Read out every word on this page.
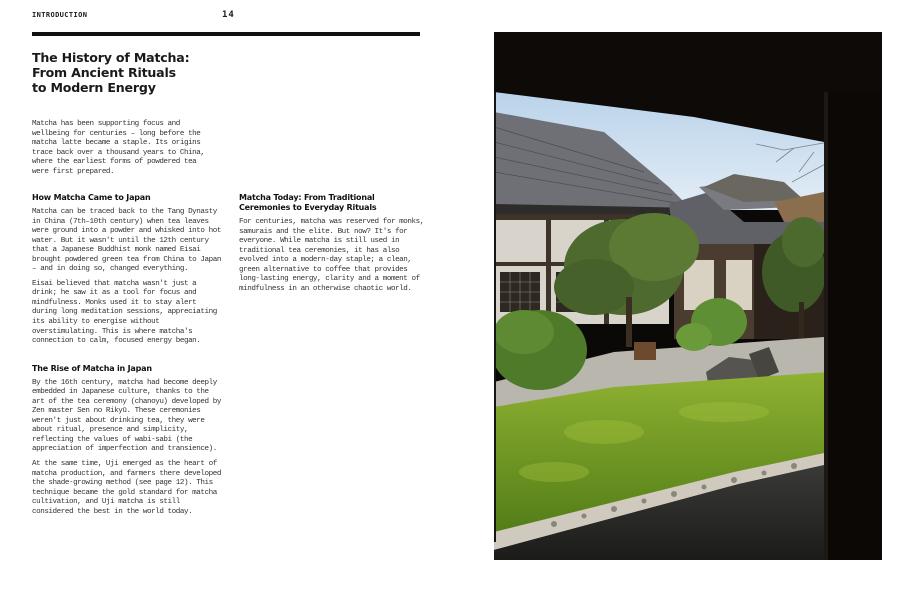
INTRODUCTION	14
The History of Matcha:
From Ancient Rituals
to Modern Energy

Matcha has been supporting focus and wellbeing for centuries – long before the matcha latte became a staple. Its origins trace back over a thousand years to China, where the earliest forms of powdered tea were first prepared.

How Matcha Came to Japan

Matcha can be traced back to the Tang Dynasty in China (7th–10th century) when tea leaves were ground into a powder and whisked into hot water. But it wasn't until the 12th century that a Japanese Buddhist monk named Eisai brought powdered green tea from China to Japan – and in doing so, changed everything.

Eisai believed that matcha wasn't just a drink; he saw it as a tool for focus and mindfulness. Monks used it to stay alert during long meditation sessions, appreciating its ability to energise without overstimulating. This is where matcha's connection to calm, focused energy began.

The Rise of Matcha in Japan

By the 16th century, matcha had become deeply embedded in Japanese culture, thanks to the art of the tea ceremony (chanoyu) developed by Zen master Sen no Rikyū. These ceremonies weren't just about drinking tea, they were about ritual, presence and simplicity, reflecting the values of wabi-sabi (the appreciation of imperfection and transience).

At the same time, Uji emerged as the heart of matcha production, and farmers there developed the shade-growing method (see page 12). This technique became the gold standard for matcha cultivation, and Uji matcha is still considered the best in the world today.

Matcha Today: From Traditional Ceremonies to Everyday Rituals

For centuries, matcha was reserved for monks, samurais and the elite. But now? It's for everyone. While matcha is still used in traditional tea ceremonies, it has also evolved into a modern-day staple; a clean, green alternative to coffee that provides long-lasting energy, clarity and a moment of mindfulness in an otherwise chaotic world.
